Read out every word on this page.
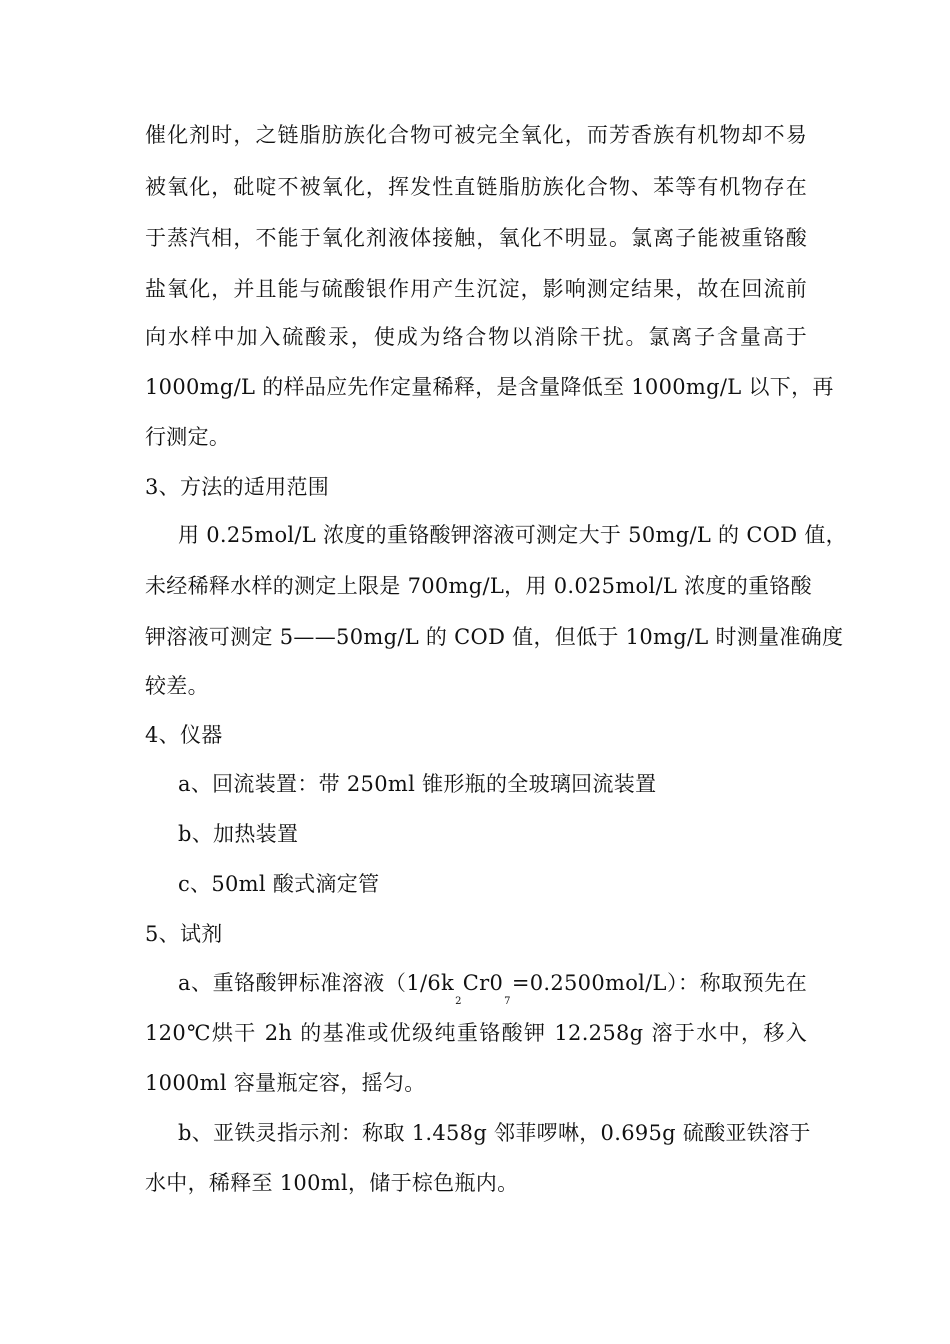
催化剂时，之链脂肪族化合物可被完全氧化，而芳香族有机物却不易
被氧化，砒啶不被氧化，挥发性直链脂肪族化合物、苯等有机物存在
于蒸汽相，不能于氧化剂液体接触，氧化不明显。氯离子能被重铬酸
盐氧化，并且能与硫酸银作用产生沉淀，影响测定结果，故在回流前
向水样中加入硫酸汞，使成为络合物以消除干扰。氯离子含量高于
1000mg/L 的样品应先作定量稀释，是含量降低至 1000mg/L 以下，再
行测定。
3、方法的适用范围
用 0.25mol/L 浓度的重铬酸钾溶液可测定大于 50mg/L 的 COD 值，
未经稀释水样的测定上限是 700mg/L，用 0.025mol/L 浓度的重铬酸
钾溶液可测定 5——50mg/L 的 COD 值，但低于 10mg/L 时测量准确度
较差。
4、仪器
a、回流装置：带 250ml 锥形瓶的全玻璃回流装置
b、加热装置
c、50ml 酸式滴定管
5、试剂
a、重铬酸钾标准溶液$(1/6k_2Cr0_7=0.2500mol/L)$：称取预先在
120℃烘干 2h 的基准或优级纯重铬酸钾 12.258g 溶于水中，移入
1000ml 容量瓶定容，摇匀。
b、亚铁灵指示剂：称取 1.458g 邻菲啰啉，0.695g 硫酸亚铁溶于
水中，稀释至 100ml，储于棕色瓶内。
